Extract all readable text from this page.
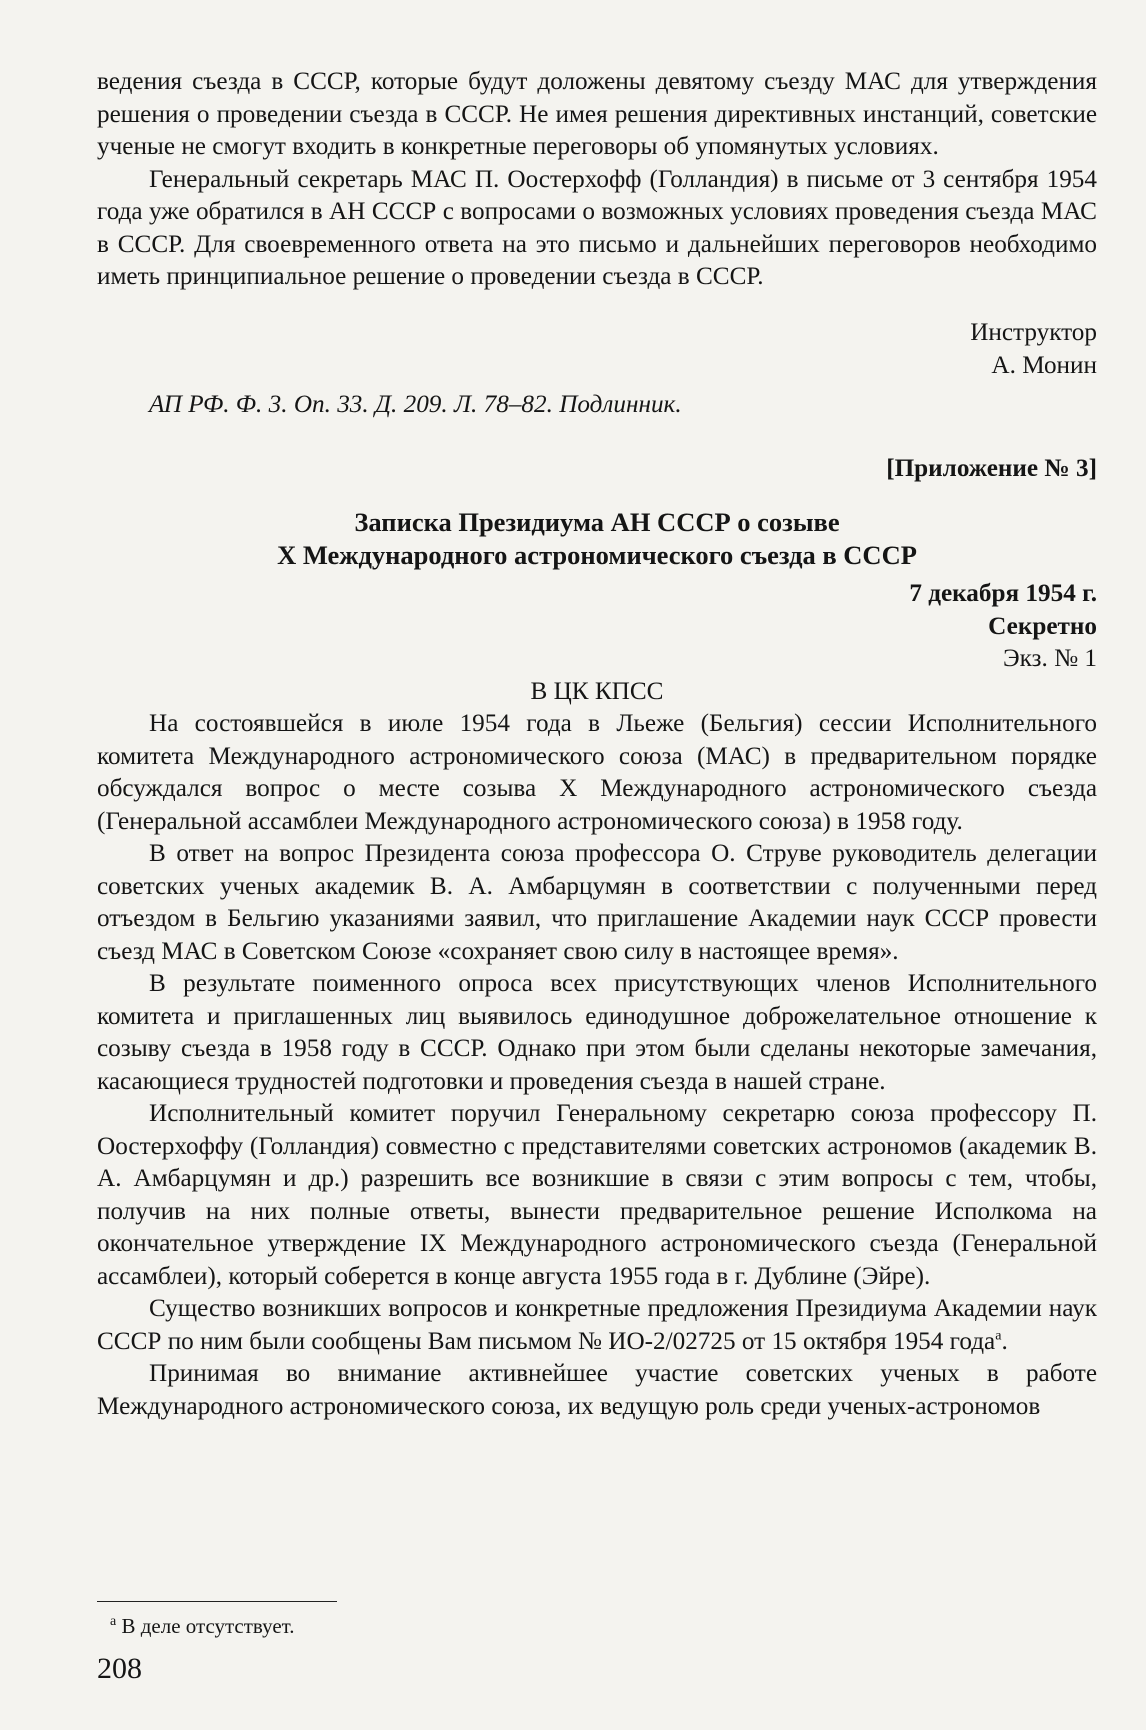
ведения съезда в СССР, которые будут доложены девятому съезду МАС для утверждения решения о проведении съезда в СССР. Не имея решения директивных инстанций, советские ученые не смогут входить в конкретные переговоры об упомянутых условиях.

Генеральный секретарь МАС П. Оостерхофф (Голландия) в письме от 3 сентября 1954 года уже обратился в АН СССР с вопросами о возможных условиях проведения съезда МАС в СССР. Для своевременного ответа на это письмо и дальнейших переговоров необходимо иметь принципиальное решение о проведении съезда в СССР.

Инструктор

А. Монин

АП РФ. Ф. 3. Оп. 33. Д. 209. Л. 78–82. Подлинник.

[Приложение № 3]

Записка Президиума АН СССР о созыве

X Международного астрономического съезда в СССР

7 декабря 1954 г.

Секретно

Экз. № 1

В ЦК КПСС

На состоявшейся в июле 1954 года в Льеже (Бельгия) сессии Исполнительного комитета Международного астрономического союза (МАС) в предварительном порядке обсуждался вопрос о месте созыва X Международного астрономического съезда (Генеральной ассамблеи Международного астрономического союза) в 1958 году.

В ответ на вопрос Президента союза профессора О. Струве руководитель делегации советских ученых академик В. А. Амбарцумян в соответствии с полученными перед отъездом в Бельгию указаниями заявил, что приглашение Академии наук СССР провести съезд МАС в Советском Союзе «сохраняет свою силу в настоящее время».

В результате поименного опроса всех присутствующих членов Исполнительного комитета и приглашенных лиц выявилось единодушное доброжелательное отношение к созыву съезда в 1958 году в СССР. Однако при этом были сделаны некоторые замечания, касающиеся трудностей подготовки и проведения съезда в нашей стране.

Исполнительный комитет поручил Генеральному секретарю союза профессору П. Оостерхоффу (Голландия) совместно с представителями советских астрономов (академик В. А. Амбарцумян и др.) разрешить все возникшие в связи с этим вопросы с тем, чтобы, получив на них полные ответы, вынести предварительное решение Исполкома на окончательное утверждение IX Международного астрономического съезда (Генеральной ассамблеи), который соберется в конце августа 1955 года в г. Дублине (Эйре).

Существо возникших вопросов и конкретные предложения Президиума Академии наук СССР по ним были сообщены Вам письмом № ИО-2/02725 от 15 октября 1954 года$^а$.

Принимая во внимание активнейшее участие советских ученых в работе Международного астрономического союза, их ведущую роль среди ученых-астрономов

$^а$ В деле отсутствует.
208
